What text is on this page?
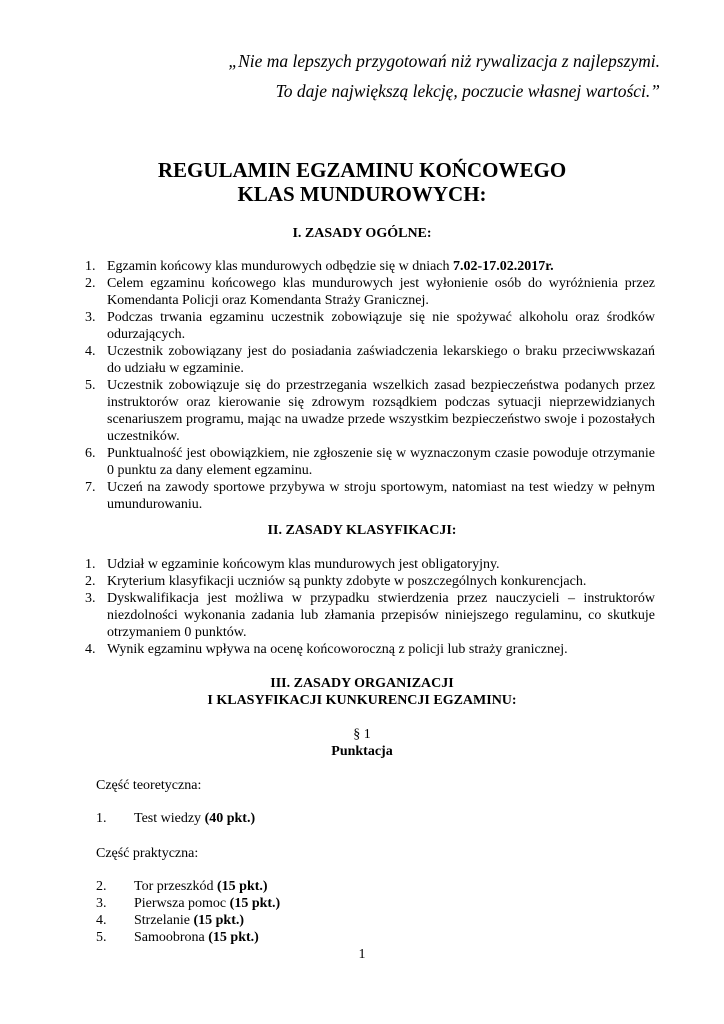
„Nie ma lepszych przygotowań niż rywalizacja z najlepszymi.
To daje największą lekcję, poczucie własnej wartości.”
REGULAMIN EGZAMINU KOŃCOWEGO
KLAS MUNDUROWYCH:
I. ZASADY OGÓLNE:
1. Egzamin końcowy klas mundurowych odbędzie się w dniach 7.02-17.02.2017r.
2. Celem egzaminu końcowego klas mundurowych jest wyłonienie osób do wyróżnienia przez Komendanta Policji oraz Komendanta Straży Granicznej.
3. Podczas trwania egzaminu uczestnik zobowiązuje się nie spożywać alkoholu oraz środków odurzających.
4. Uczestnik zobowiązany jest do posiadania zaświadczenia lekarskiego o braku przeciwwskazań do udziału w egzaminie.
5. Uczestnik zobowiązuje się do przestrzegania wszelkich zasad bezpieczeństwa podanych przez instruktorów oraz kierowanie się zdrowym rozsądkiem podczas sytuacji nieprzewidzianych scenariuszem programu, mając na uwadze przede wszystkim bezpieczeństwo swoje i pozostałych uczestników.
6. Punktualność jest obowiązkiem, nie zgłoszenie się w wyznaczonym czasie powoduje otrzymanie 0 punktu za dany element egzaminu.
7. Uczeń na zawody sportowe przybywa w stroju sportowym, natomiast na test wiedzy w pełnym umundurowaniu.
II. ZASADY KLASYFIKACJI:
1. Udział w egzaminie końcowym klas mundurowych jest obligatoryjny.
2. Kryterium klasyfikacji uczniów są punkty zdobyte w poszczególnych konkurencjach.
3. Dyskwalifikacja jest możliwa w przypadku stwierdzenia przez nauczycieli – instruktorów niezdolności wykonania zadania lub złamania przepisów niniejszego regulaminu, co skutkuje otrzymaniem 0 punktów.
4. Wynik egzaminu wpływa na ocenę końcoworoczną z policji lub straży granicznej.
III. ZASADY ORGANIZACJI
I KLASYFIKACJI KUNKURENCJI EGZAMINU:
§ 1
Punktacja
Część teoretyczna:
1. Test wiedzy (40 pkt.)
Część praktyczna:
2. Tor przeszkód (15 pkt.)
3. Pierwsza pomoc (15 pkt.)
4. Strzelanie (15 pkt.)
5. Samoobrona (15 pkt.)
1
